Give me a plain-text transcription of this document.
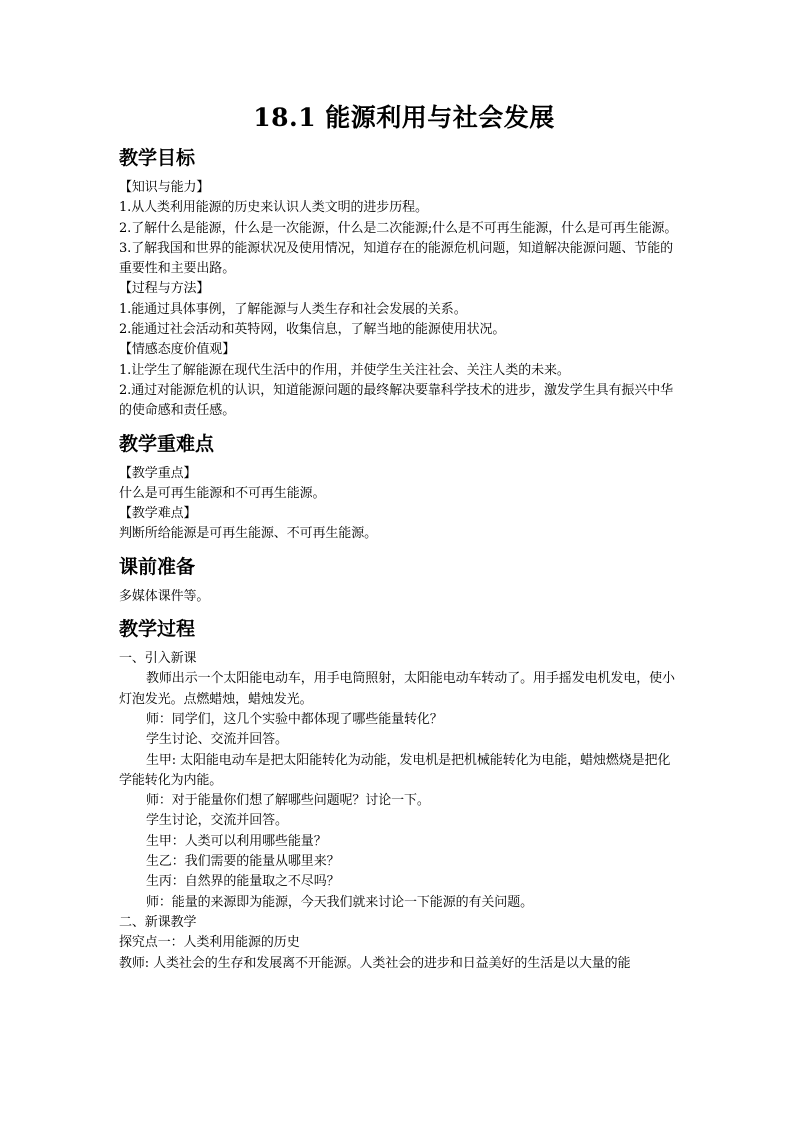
18.1 能源利用与社会发展
教学目标
【知识与能力】
1.从人类利用能源的历史来认识人类文明的进步历程。
2.了解什么是能源，什么是一次能源，什么是二次能源;什么是不可再生能源，什么是可再生能源。
3.了解我国和世界的能源状况及使用情况，知道存在的能源危机问题，知道解决能源问题、节能的重要性和主要出路。
【过程与方法】
1.能通过具体事例，了解能源与人类生存和社会发展的关系。
2.能通过社会活动和英特网，收集信息，了解当地的能源使用状况。
【情感态度价值观】
1.让学生了解能源在现代生活中的作用，并使学生关注社会、关注人类的未来。
2.通过对能源危机的认识，知道能源问题的最终解决要靠科学技术的进步，激发学生具有振兴中华的使命感和责任感。
教学重难点
【教学重点】
什么是可再生能源和不可再生能源。
【教学难点】
判断所给能源是可再生能源、不可再生能源。
课前准备
多媒体课件等。
教学过程
一、引入新课
教师出示一个太阳能电动车，用手电筒照射，太阳能电动车转动了。用手摇发电机发电，使小灯泡发光。点燃蜡烛，蜡烛发光。
师：同学们，这几个实验中都体现了哪些能量转化？
学生讨论、交流并回答。
生甲: 太阳能电动车是把太阳能转化为动能，发电机是把机械能转化为电能，蜡烛燃烧是把化学能转化为内能。
师：对于能量你们想了解哪些问题呢？讨论一下。
学生讨论，交流并回答。
生甲：人类可以利用哪些能量？
生乙：我们需要的能量从哪里来？
生丙：自然界的能量取之不尽吗？
师：能量的来源即为能源，今天我们就来讨论一下能源的有关问题。
二、新课教学
探究点一：人类利用能源的历史
教师: 人类社会的生存和发展离不开能源。人类社会的进步和日益美好的生活是以大量的能
